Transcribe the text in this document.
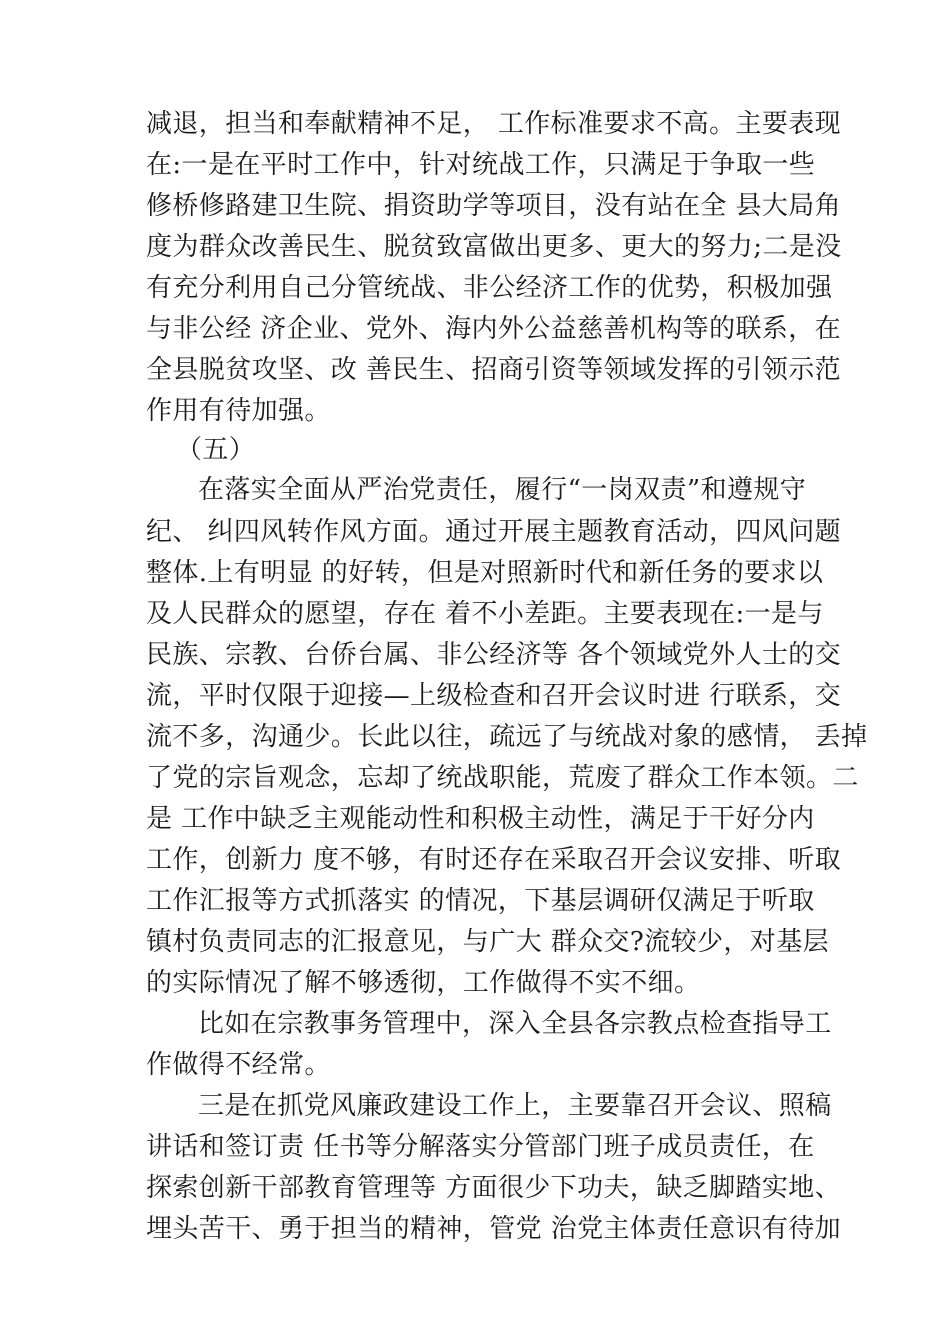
减退，担当和奉献精神不足， 工作标准要求不高。主要表现
在:一是在平时工作中，针对统战工作，只满足于争取一些
修桥修路建卫生院、捐资助学等项目，没有站在全 县大局角
度为群众改善民生、脱贫致富做出更多、更大的努力;二是没
有充分利用自己分管统战、非公经济工作的优势，积极加强
与非公经 济企业、党外、海内外公益慈善机构等的联系，在
全县脱贫攻坚、改 善民生、招商引资等领域发挥的引领示范
作用有待加强。
（五）
在落实全面从严治党责任，履行“一岗双责”和遵规守
纪、 纠四风转作风方面。通过开展主题教育活动，四风问题
整体.上有明显 的好转，但是对照新时代和新任务的要求以
及人民群众的愿望，存在 着不小差距。主要表现在:一是与
民族、宗教、台侨台属、非公经济等 各个领域党外人士的交
流，平时仅限于迎接—上级检查和召开会议时进 行联系，交
流不多，沟通少。长此以往，疏远了与统战对象的感情， 丢掉
了党的宗旨观念，忘却了统战职能，荒废了群众工作本领。二
是 工作中缺乏主观能动性和积极主动性，满足于干好分内
工作，创新力 度不够，有时还存在采取召开会议安排、听取
工作汇报等方式抓落实 的情况，下基层调研仅满足于听取
镇村负责同志的汇报意见，与广大 群众交?流较少，对基层
的实际情况了解不够透彻，工作做得不实不细。
比如在宗教事务管理中，深入全县各宗教点检查指导工
作做得不经常。
三是在抓党风廉政建设工作上，主要靠召开会议、照稿
讲话和签订责 任书等分解落实分管部门班子成员责任，在
探索创新干部教育管理等 方面很少下功夫，缺乏脚踏实地、
埋头苦干、勇于担当的精神，管党 治党主体责任意识有待加
